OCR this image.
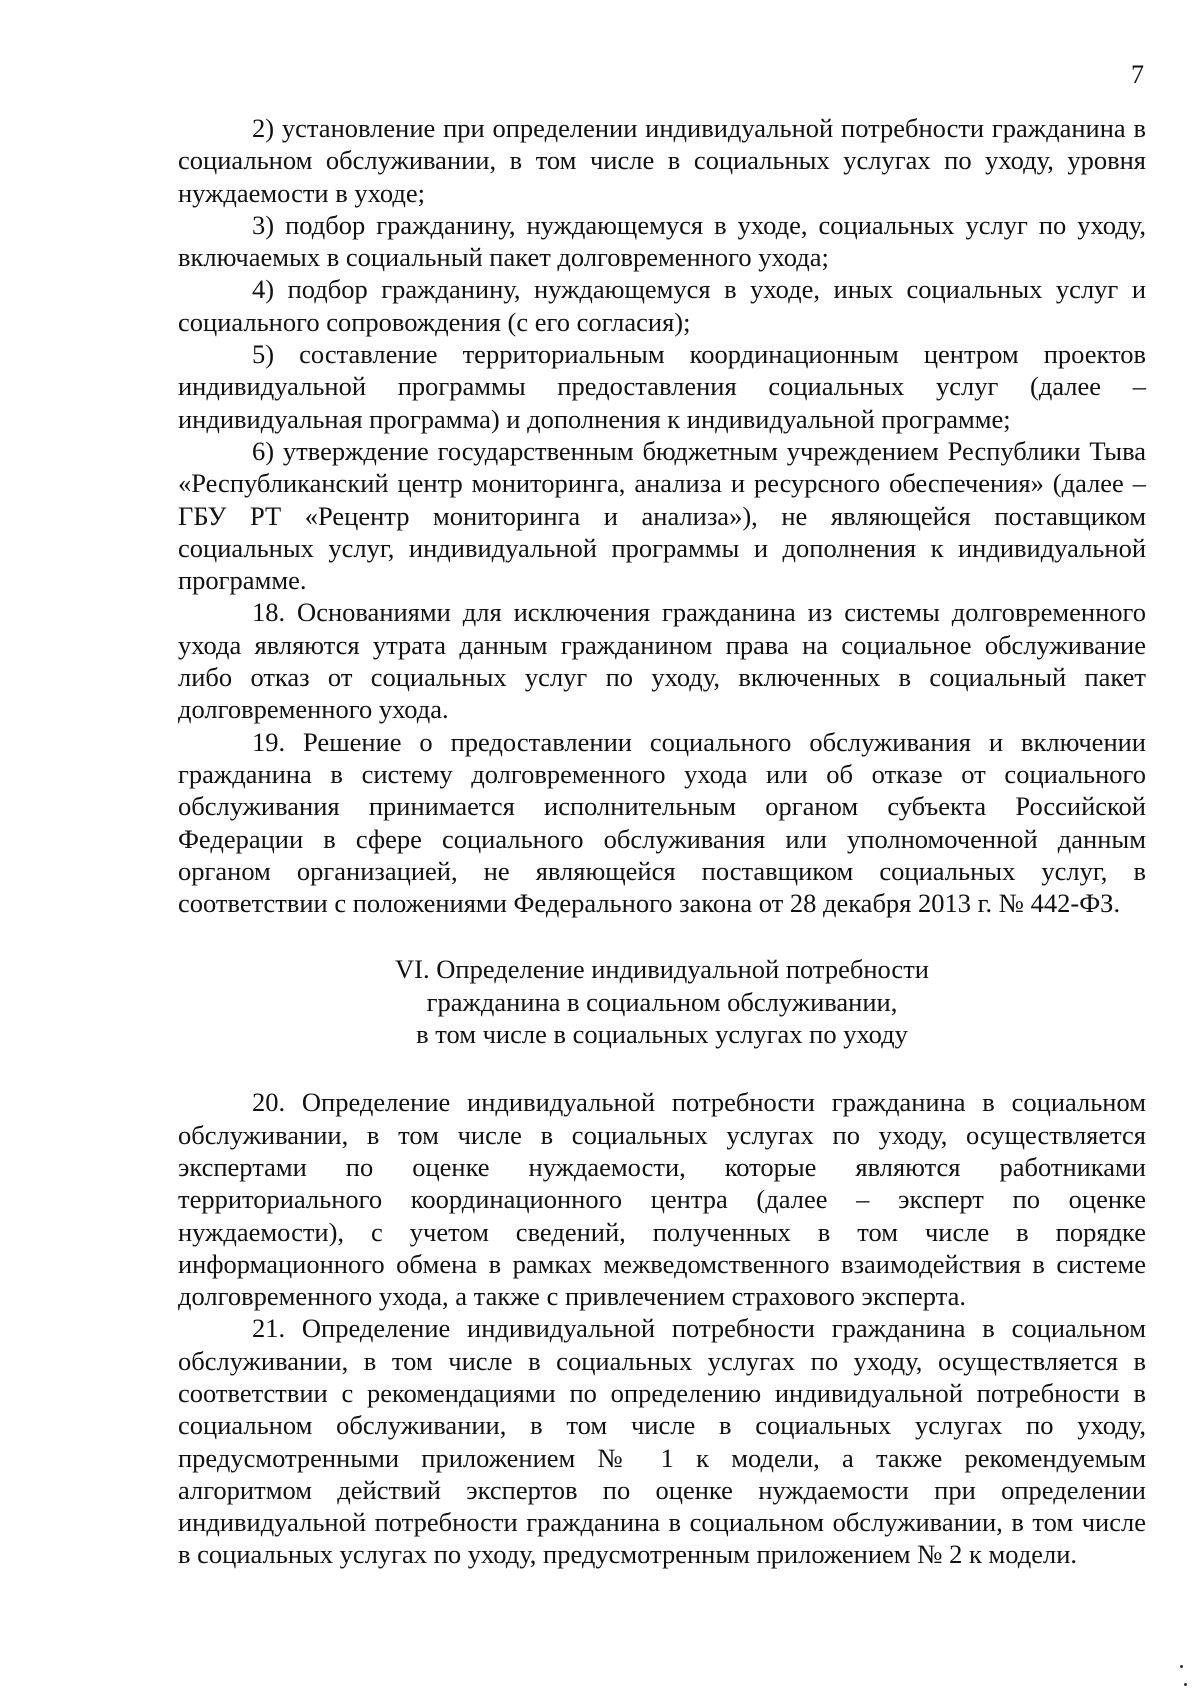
7

2) установление при определении индивидуальной потребности гражданина в социальном обслуживании, в том числе в социальных услугах по уходу, уровня нуждаемости в уходе;

3) подбор гражданину, нуждающемуся в уходе, социальных услуг по уходу, включаемых в социальный пакет долговременного ухода;

4) подбор гражданину, нуждающемуся в уходе, иных социальных услуг и социального сопровождения (с его согласия);

5) составление территориальным координационным центром проектов индивидуальной программы предоставления социальных услуг (далее – индивидуальная программа) и дополнения к индивидуальной программе;

6) утверждение государственным бюджетным учреждением Республики Тыва «Республиканский центр мониторинга, анализа и ресурсного обеспечения» (далее – ГБУ РТ «Рецентр мониторинга и анализа»), не являющейся поставщиком социальных услуг, индивидуальной программы и дополнения к индивидуальной программе.

18. Основаниями для исключения гражданина из системы долговременного ухода являются утрата данным гражданином права на социальное обслуживание либо отказ от социальных услуг по уходу, включенных в социальный пакет долговременного ухода.

19. Решение о предоставлении социального обслуживания и включении гражданина в систему долговременного ухода или об отказе от социального обслуживания принимается исполнительным органом субъекта Российской Федерации в сфере социального обслуживания или уполномоченной данным органом организацией, не являющейся поставщиком социальных услуг, в соответствии с положениями Федерального закона от 28 декабря 2013 г. № 442-ФЗ.

VI. Определение индивидуальной потребности
гражданина в социальном обслуживании,
в том числе в социальных услугах по уходу

20. Определение индивидуальной потребности гражданина в социальном обслуживании, в том числе в социальных услугах по уходу, осуществляется экспертами по оценке нуждаемости, которые являются работниками территориального координационного центра (далее – эксперт по оценке нуждаемости), с учетом сведений, полученных в том числе в порядке информационного обмена в рамках межведомственного взаимодействия в системе долговременного ухода, а также с привлечением страхового эксперта.

21. Определение индивидуальной потребности гражданина в социальном обслуживании, в том числе в социальных услугах по уходу, осуществляется в соответствии с рекомендациями по определению индивидуальной потребности в социальном обслуживании, в том числе в социальных услугах по уходу, предусмотренными приложением № 1 к модели, а также рекомендуемым алгоритмом действий экспертов по оценке нуждаемости при определении индивидуальной потребности гражданина в социальном обслуживании, в том числе в социальных услугах по уходу, предусмотренным приложением № 2 к модели.
